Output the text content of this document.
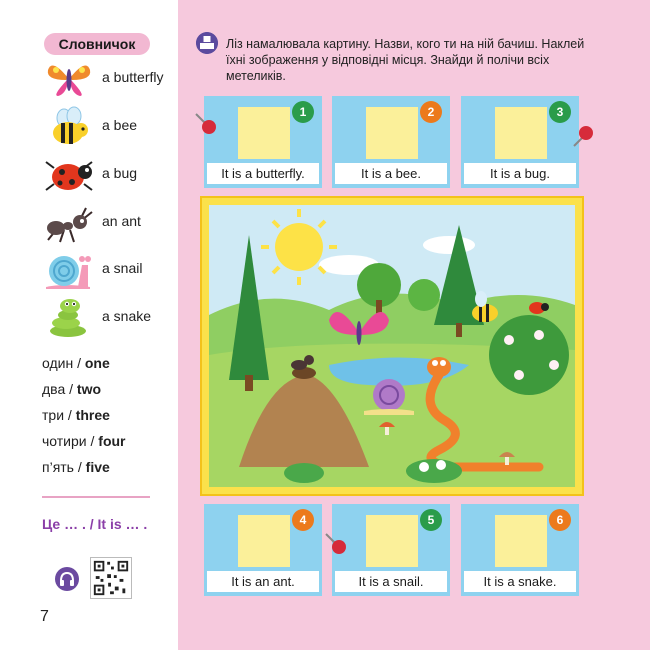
Словничок
a butterfly
a bee
a bug
an ant
a snail
a snake
один / one
два / two
три / three
чотири / four
п’ять / five
Це … . / It is … .
7
Ліз намалювала картину. Назви, кого ти на ній бачиш. Наклей їхні зображення у відповідні місця. Знайди й полічи всіх метеликів.
1
It is a butterfly.
2
It is a bee.
3
It is a bug.
4
It is an ant.
5
It is a snail.
6
It is a snake.
